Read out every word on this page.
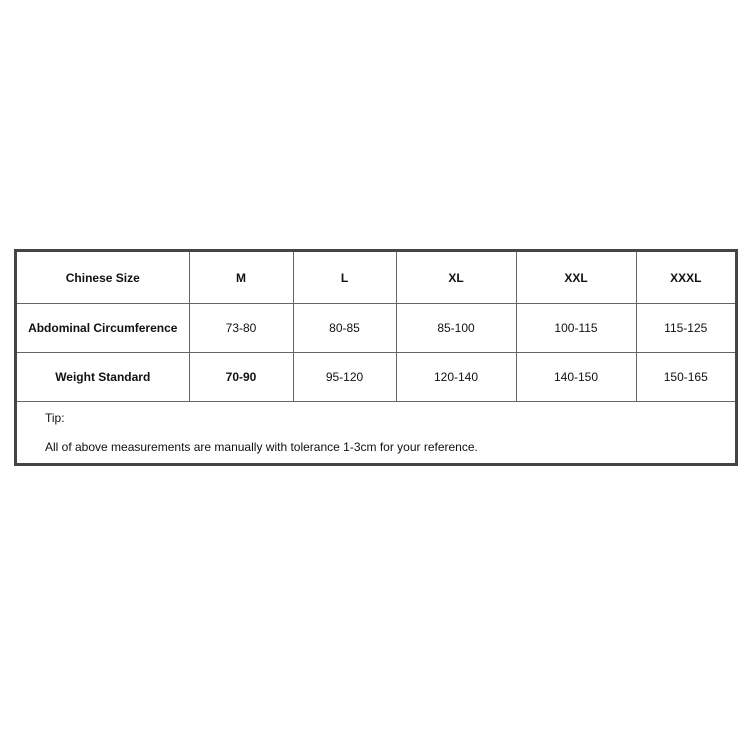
Chinese Size	M	L	XL	XXL	XXXL
Abdominal Circumference	73-80	80-85	85-100	100-115	115-125
Weight Standard	70-90	95-120	120-140	140-150	150-165

Tip:
All of above measurements are manually with tolerance 1-3cm for your reference.					
